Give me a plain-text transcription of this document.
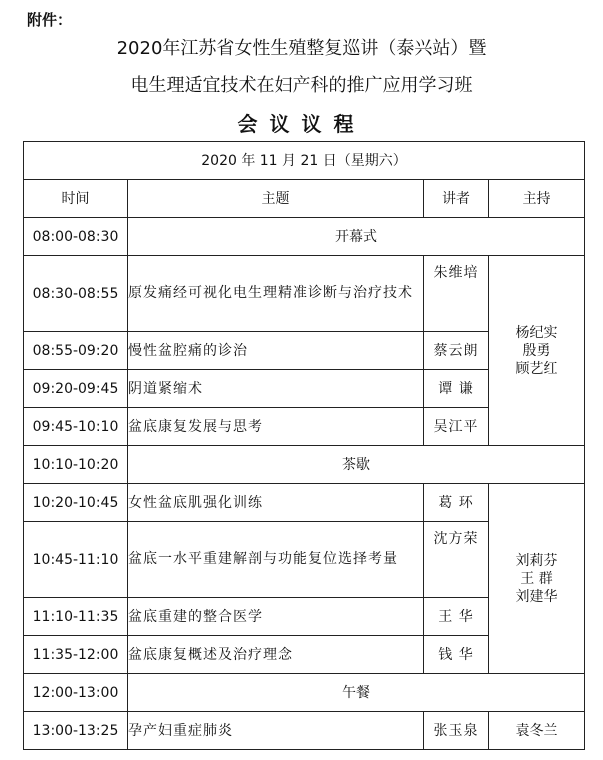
附件：
2020年江苏省女性生殖整复巡讲（泰兴站）暨
电生理适宜技术在妇产科的推广应用学习班
会议议程
2020 年 11 月 21 日（星期六）			
时间	主题	讲者	主持
08:00-08:30	开幕式		
08:30-08:55	原发痛经可视化电生理精准诊断与治疗技术	朱维培	杨纪实
殷勇
顾艺红

08:55-09:20	慢性盆腔痛的诊治	蔡云朗	
09:20-09:45	阴道紧缩术	谭 谦	
09:45-10:10	盆底康复发展与思考	吴江平	
10:10-10:20	茶歇		
10:20-10:45	女性盆底肌强化训练	葛 环	刘莉芬
王 群
刘建华

10:45-11:10	盆底一水平重建解剖与功能复位选择考量	沈方荣	
11:10-11:35	盆底重建的整合医学	王 华	
11:35-12:00	盆底康复概述及治疗理念	钱 华	
12:00-13:00	午餐		
13:00-13:25	孕产妇重症肺炎	张玉泉	袁冬兰
